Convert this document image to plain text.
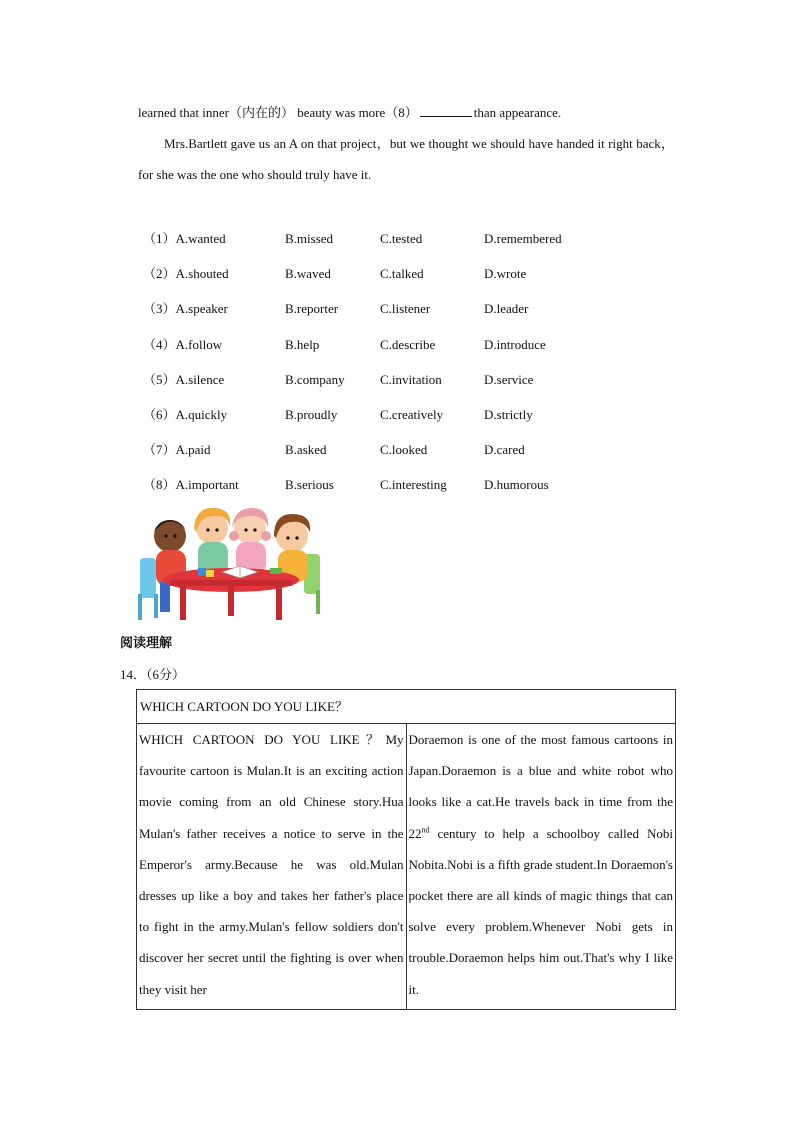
learned that inner（内在的） beauty was more（8）	than appearance.
Mrs.Bartlett gave us an A on that project，but we thought we should have handed it right back，for she was the one who should truly have it.
（1）A.wanted	B.missed	C.tested	D.remembered
（2）A.shouted	B.waved	C.talked	D.wrote
（3）A.speaker	B.reporter	C.listener	D.leader
（4）A.follow	B.help	C.describe	D.introduce
（5）A.silence	B.company	C.invitation	D.service
（6）A.quickly	B.proudly	C.creatively	D.strictly
（7）A.paid	B.asked	C.looked	D.cared
（8）A.important	B.serious	C.interesting	D.humorous
阅读理解
14．（6分）
WHICH CARTOON DO YOU LIKE？
WHICH CARTOON DO YOU LIKE？My favourite cartoon is Mulan.It is an exciting action movie coming from an old Chinese story.Hua Mulan's father receives a notice to serve in the Emperor's army.Because he was old.Mulan dresses up like a boy and takes her father's place to fight in the army.Mulan's fellow soldiers don't discover her secret until the fighting is over when they visit her	Doraemon is one of the most famous cartoons in Japan.Doraemon is a blue and white robot who looks like a cat.He travels back in time from the 22nd century to help a schoolboy called Nobi Nobita.Nobi is a fifth grade student.In Doraemon's pocket there are all kinds of magic things that can solve every problem.Whenever Nobi gets in trouble.Doraemon helps him out.That's why I like it.
